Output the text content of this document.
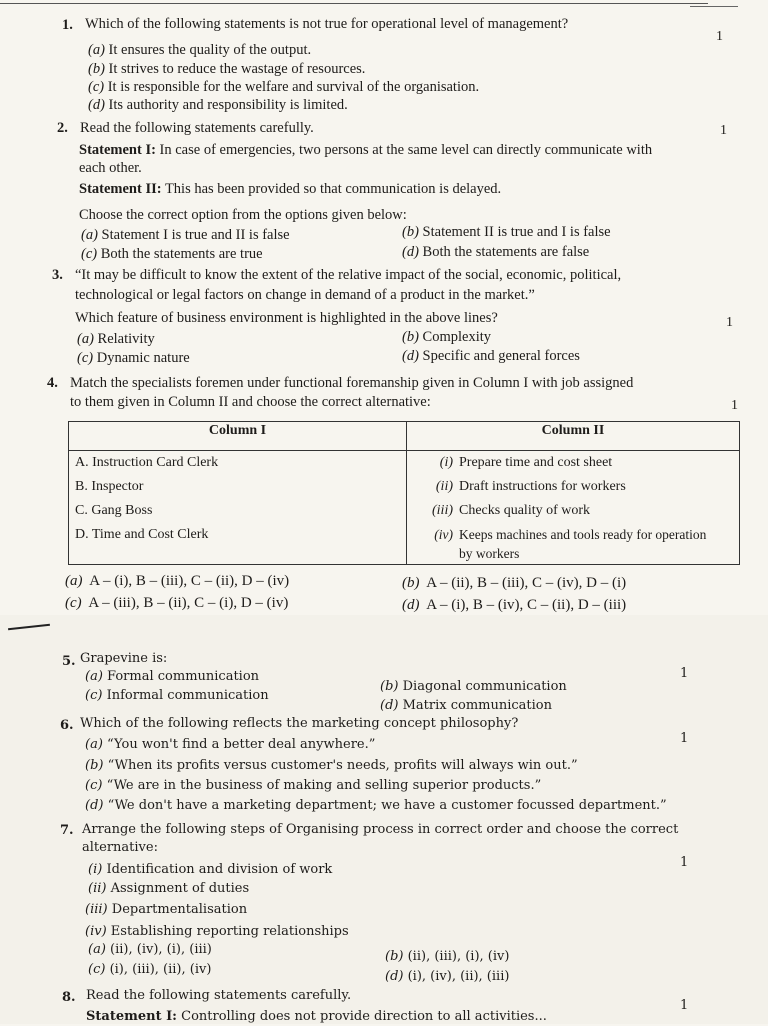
1. Which of the following statements is not true for operational level of management?
1
(a) It ensures the quality of the output.
(b) It strives to reduce the wastage of resources.
(c) It is responsible for the welfare and survival of the organisation.
(d) Its authority and responsibility is limited.
2. Read the following statements carefully.	1
Statement I: In case of emergencies, two persons at the same level can directly communicate with
each other.
Statement II: This has been provided so that communication is delayed.
Choose the correct option from the options given below:
(a) Statement I is true and II is false	(b) Statement II is true and I is false
(c) Both the statements are true	(d) Both the statements are false
3. “It may be difficult to know the extent of the relative impact of the social, economic, political,
technological or legal factors on change in demand of a product in the market.”
Which feature of business environment is highlighted in the above lines?	1
(a) Relativity	(b) Complexity
(c) Dynamic nature	(d) Specific and general forces
4. Match the specialists foremen under functional foremanship given in Column I with job assigned
to them given in Column II and choose the correct alternative:	1
Column I	Column II
A. Instruction Card Clerk	(i) Prepare time and cost sheet
B. Inspector	(ii) Draft instructions for workers
C. Gang Boss	(iii) Checks quality of work
D. Time and Cost Clerk	(iv) Keeps machines and tools ready for operation
by workers
(a) A – (i), B – (iii), C – (ii), D – (iv)	(b) A – (ii), B – (iii), C – (iv), D – (i)
(c) A – (iii), B – (ii), C – (i), D – (iv)	(d) A – (i), B – (iv), C – (ii), D – (iii)
5. Grapevine is:
1
(a) Formal communication
(b) Diagonal communication
(c) Informal communication
(d) Matrix communication
6. Which of the following reflects the marketing concept philosophy?
1
(a) “You won't find a better deal anywhere.”
(b) “When its profits versus customer's needs, profits will always win out.”
(c) “We are in the business of making and selling superior products.”
(d) “We don't have a marketing department; we have a customer focussed department.”
7. Arrange the following steps of Organising process in correct order and choose the correct
alternative:
1
(i) Identification and division of work
(ii) Assignment of duties
(iii) Departmentalisation
(iv) Establishing reporting relationships
(a) (ii), (iv), (i), (iii)	(b) (ii), (iii), (i), (iv)
(c) (i), (iii), (ii), (iv)	(d) (i), (iv), (ii), (iii)
8. Read the following statements carefully.
1
Statement I: Controlling does not provide direction to all activities...
